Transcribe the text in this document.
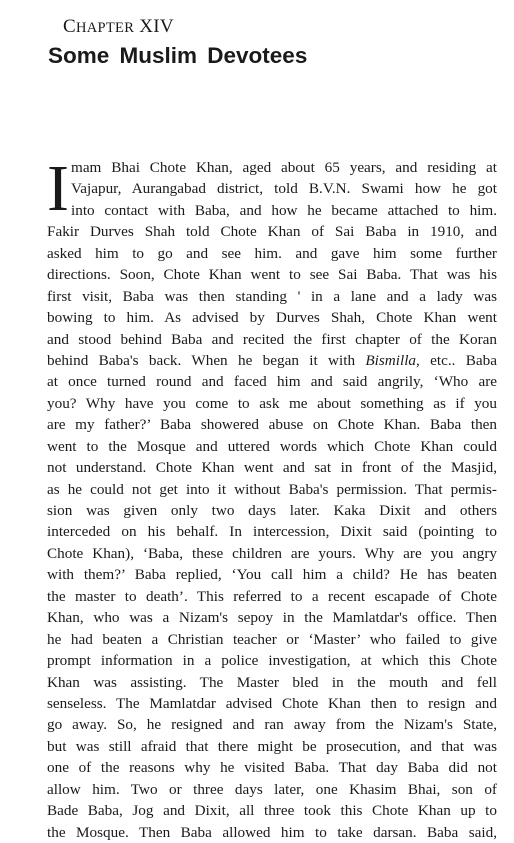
CHAPTER XIV
Some Muslim Devotees
I mam Bhai Chote Khan, aged about 65 years, and residing at
Vajapur, Aurangabad district, told B.V.N. Swami how he got
into contact with Baba, and how he became attached to him.
Fakir Durves Shah told Chote Khan of Sai Baba in 1910, and
asked him to go and see him. and gave him some further
directions. Soon, Chote Khan went to see Sai Baba. That was his
first visit, Baba was then standing ' in a lane and a lady was
bowing to him. As advised by Durves Shah, Chote Khan went
and stood behind Baba and recited the first chapter of the Koran
behind Baba's back. When he began it with Bismilla, etc.. Baba
at once turned round and faced him and said angrily, ‘Who are
you? Why have you come to ask me about something as if you
are my father?’ Baba showered abuse on Chote Khan. Baba then
went to the Mosque and uttered words which Chote Khan could
not understand. Chote Khan went and sat in front of the Masjid,
as he could not get into it without Baba's permission. That permis-
sion was given only two days later. Kaka Dixit and others
interceded on his behalf. In intercession, Dixit said (pointing to
Chote Khan), ‘Baba, these children are yours. Why are you angry
with them?’ Baba replied, ‘You call him a child? He has beaten
the master to death’. This referred to a recent escapade of Chote
Khan, who was a Nizam's sepoy in the Mamlatdar's office. Then
he had beaten a Christian teacher or ‘Master’ who failed to give
prompt information in a police investigation, at which this Chote
Khan was assisting. The Master bled in the mouth and fell
senseless. The Mamlatdar advised Chote Khan then to resign and
go away. So, he resigned and ran away from the Nizam's State,
but was still afraid that there might be prosecution, and that was
one of the reasons why he visited Baba. That day Baba did not
allow him. Two or three days later, one Khasim Bhai, son of
Bade Baba, Jog and Dixit, all three took this Chote Khan up to
the Mosque. Then Baba allowed him to take darsan. Baba said,
